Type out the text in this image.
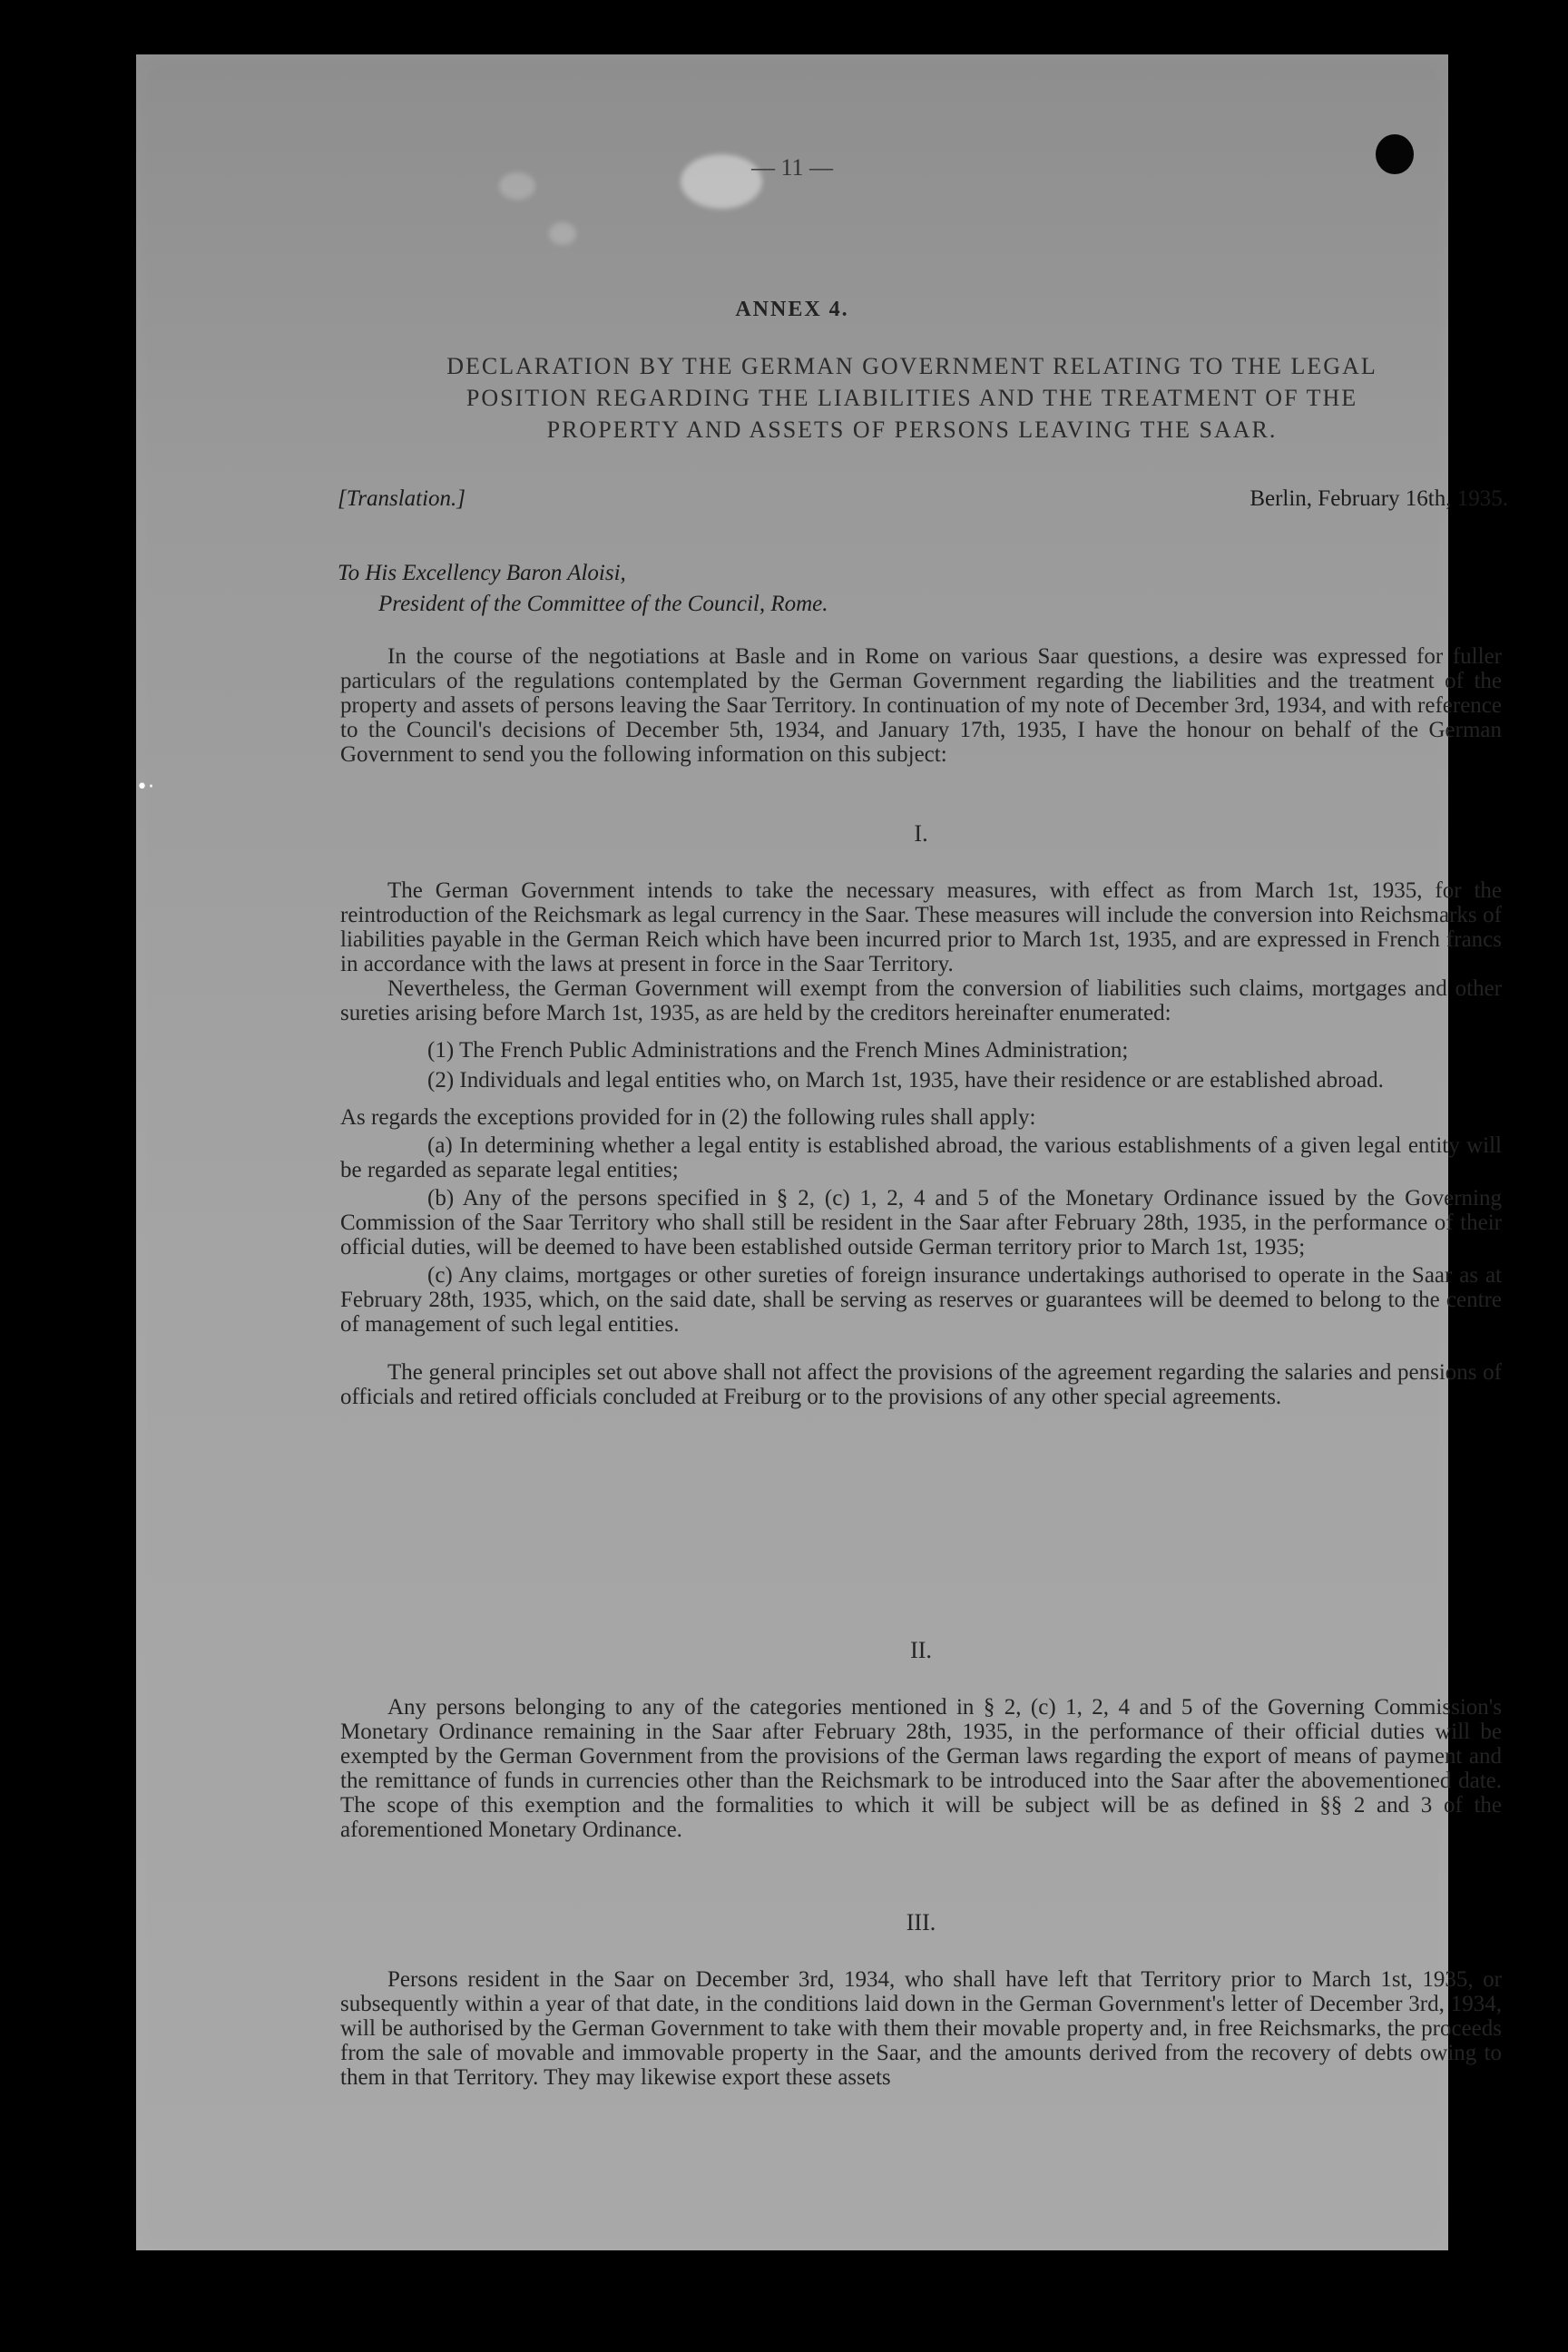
— 11 —
ANNEX 4.
DECLARATION BY THE GERMAN GOVERNMENT RELATING TO THE LEGAL
POSITION REGARDING THE LIABILITIES AND THE TREATMENT OF THE
PROPERTY AND ASSETS OF PERSONS LEAVING THE SAAR.
[Translation.]	Berlin, February 16th, 1935.
To His Excellency Baron Aloisi,
President of the Committee of the Council, Rome.

In the course of the negotiations at Basle and in Rome on various Saar questions, a desire was expressed for fuller particulars of the regulations contemplated by the German Government regarding the liabilities and the treatment of the property and assets of persons leaving the Saar Territory. In continuation of my note of December 3rd, 1934, and with reference to the Council's decisions of December 5th, 1934, and January 17th, 1935, I have the honour on behalf of the German Government to send you the following information on this subject:

I.

The German Government intends to take the necessary measures, with effect as from March 1st, 1935, for the reintroduction of the Reichsmark as legal currency in the Saar. These measures will include the conversion into Reichsmarks of liabilities payable in the German Reich which have been incurred prior to March 1st, 1935, and are expressed in French francs in accordance with the laws at present in force in the Saar Territory.

Nevertheless, the German Government will exempt from the conversion of liabilities such claims, mortgages and other sureties arising before March 1st, 1935, as are held by the creditors hereinafter enumerated:

(1) The French Public Administrations and the French Mines Administration;

(2) Individuals and legal entities who, on March 1st, 1935, have their residence or are established abroad.

As regards the exceptions provided for in (2) the following rules shall apply:

(a) In determining whether a legal entity is established abroad, the various establishments of a given legal entity will be regarded as separate legal entities;

(b) Any of the persons specified in § 2, (c) 1, 2, 4 and 5 of the Monetary Ordinance issued by the Governing Commission of the Saar Territory who shall still be resident in the Saar after February 28th, 1935, in the performance of their official duties, will be deemed to have been established outside German territory prior to March 1st, 1935;

(c) Any claims, mortgages or other sureties of foreign insurance undertakings authorised to operate in the Saar as at February 28th, 1935, which, on the said date, shall be serving as reserves or guarantees will be deemed to belong to the centre of management of such legal entities.

The general principles set out above shall not affect the provisions of the agreement regarding the salaries and pensions of officials and retired officials concluded at Freiburg or to the provisions of any other special agreements.

II.

Any persons belonging to any of the categories mentioned in § 2, (c) 1, 2, 4 and 5 of the Governing Commission's Monetary Ordinance remaining in the Saar after February 28th, 1935, in the performance of their official duties will be exempted by the German Government from the provisions of the German laws regarding the export of means of payment and the remittance of funds in currencies other than the Reichsmark to be introduced into the Saar after the abovementioned date. The scope of this exemption and the formalities to which it will be subject will be as defined in §§ 2 and 3 of the aforementioned Monetary Ordinance.

III.

Persons resident in the Saar on December 3rd, 1934, who shall have left that Territory prior to March 1st, 1935, or subsequently within a year of that date, in the conditions laid down in the German Government's letter of December 3rd, 1934, will be authorised by the German Government to take with them their movable property and, in free Reichsmarks, the proceeds from the sale of movable and immovable property in the Saar, and the amounts derived from the recovery of debts owing to them in that Territory. They may likewise export these assets

•·
